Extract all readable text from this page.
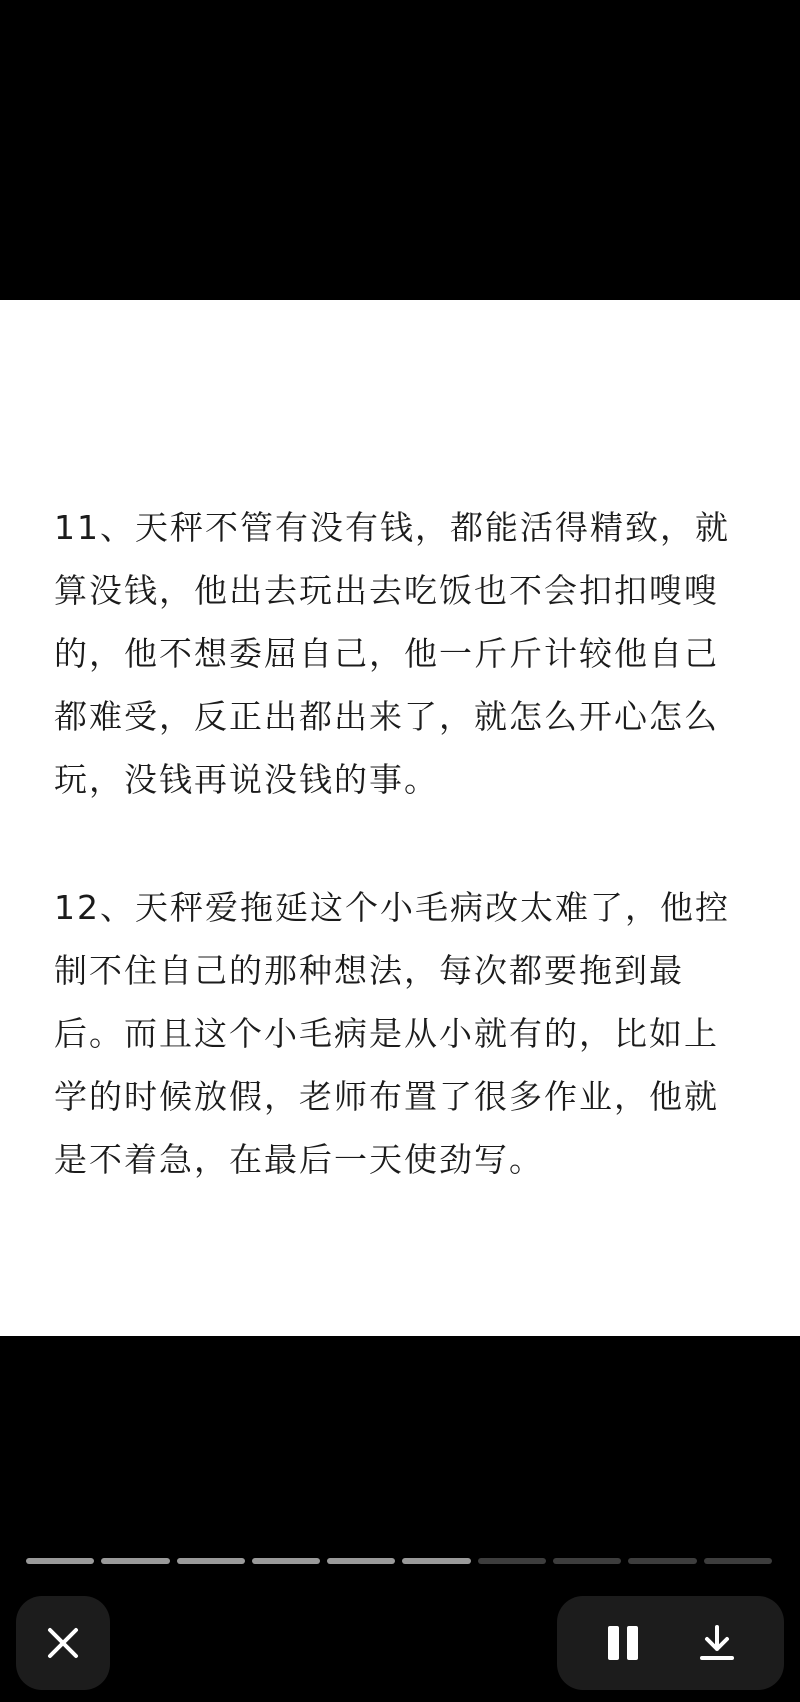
11、天秤不管有没有钱，都能活得精致，就
算没钱，他出去玩出去吃饭也不会扣扣嗖嗖
的，他不想委屈自己，他一斤斤计较他自己
都难受，反正出都出来了，就怎么开心怎么
玩，没钱再说没钱的事。

12、天秤爱拖延这个小毛病改太难了，他控
制不住自己的那种想法，每次都要拖到最
后。而且这个小毛病是从小就有的，比如上
学的时候放假，老师布置了很多作业，他就
是不着急，在最后一天使劲写。
